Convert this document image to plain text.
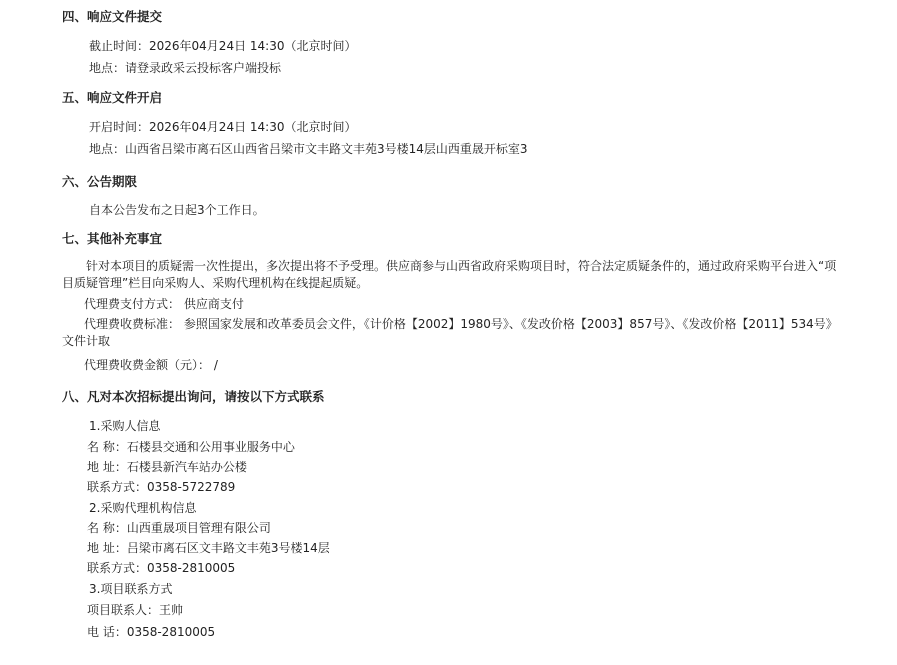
四、响应文件提交
截止时间：2026年04月24日 14:30（北京时间）
地点：请登录政采云投标客户端投标
五、响应文件开启
开启时间：2026年04月24日 14:30（北京时间）
地点：山西省吕梁市离石区山西省吕梁市文丰路文丰苑3号楼14层山西重晟开标室3
六、公告期限
自本公告发布之日起3个工作日。
七、其他补充事宜
针对本项目的质疑需一次性提出，多次提出将不予受理。供应商参与山西省政府采购项目时，符合法定质疑条件的，通过政府采购平台进入“项目质疑管理”栏目向采购人、采购代理机构在线提起质疑。
代理费支付方式： 供应商支付
代理费收费标准： 参照国家发展和改革委员会文件，《计价格【2002】1980号》、《发改价格【2003】857号》、《发改价格【2011】534号》文件计取
代理费收费金额（元）： /
八、凡对本次招标提出询问，请按以下方式联系
1.采购人信息
名 称：石楼县交通和公用事业服务中心
地 址：石楼县新汽车站办公楼
联系方式：0358-5722789
2.采购代理机构信息
名 称：山西重晟项目管理有限公司
地 址：吕梁市离石区文丰路文丰苑3号楼14层
联系方式：0358-2810005
3.项目联系方式
项目联系人：王帅
电 话：0358-2810005
